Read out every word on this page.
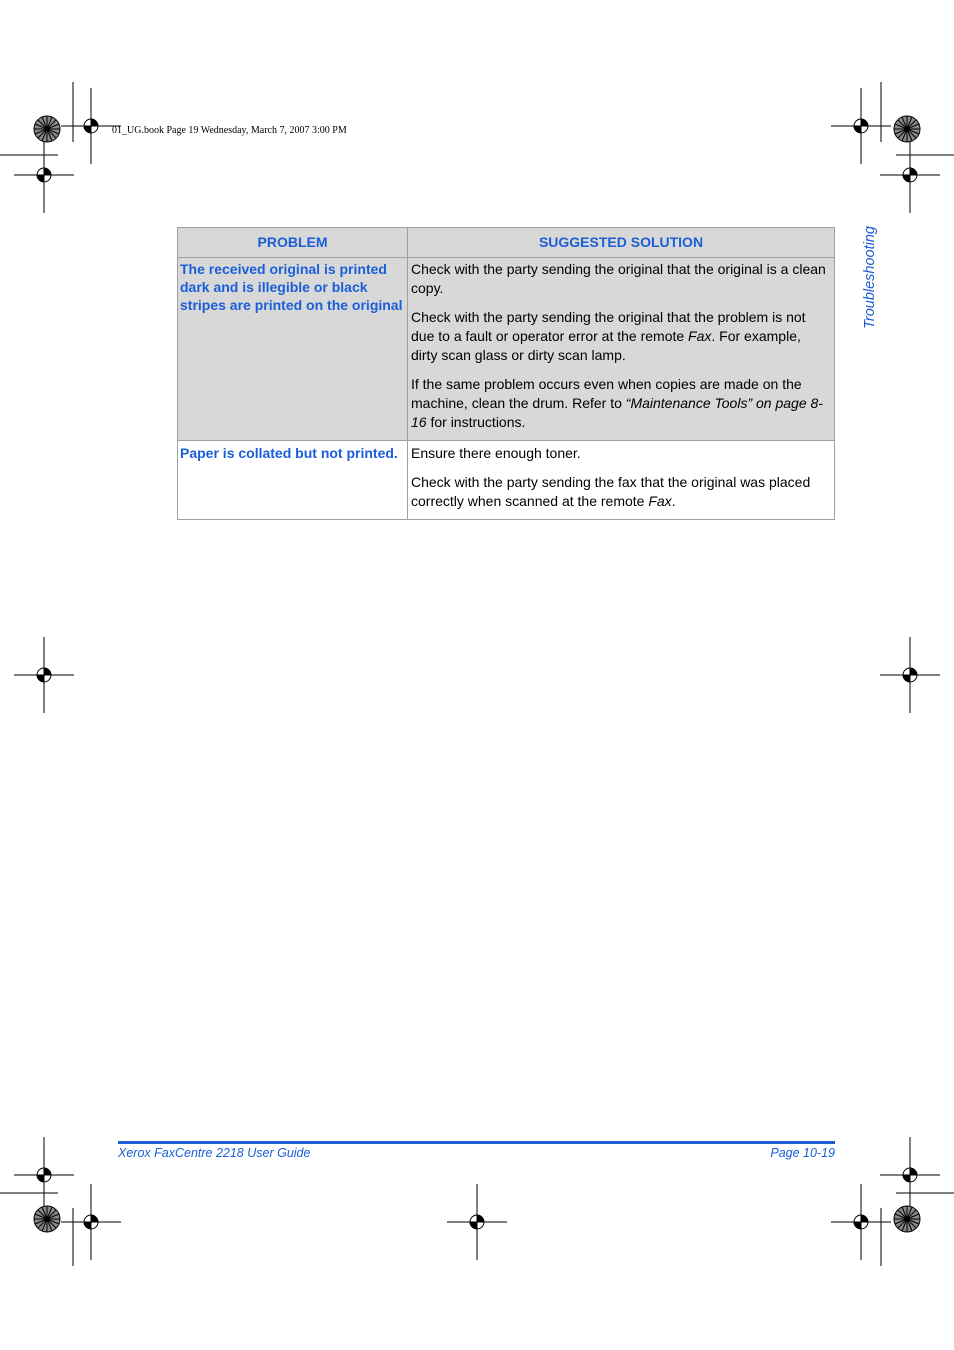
01_UG.book Page 19 Wednesday, March 7, 2007 3:00 PM
Troubleshooting
PROBLEM	SUGGESTED SOLUTION
The received original is printed dark and is illegible or black stripes are printed on the original	Check with the party sending the original that the original is a clean copy.

Check with the party sending the original that the problem is not due to a fault or operator error at the remote Fax. For example, dirty scan glass or dirty scan lamp.

If the same problem occurs even when copies are made on the machine, clean the drum. Refer to “Maintenance Tools” on page 8-16 for instructions.

Paper is collated but not printed.	Ensure there enough toner.

Check with the party sending the fax that the original was placed correctly when scanned at the remote Fax.

Xerox FaxCentre 2218 User Guide	Page 10-19
